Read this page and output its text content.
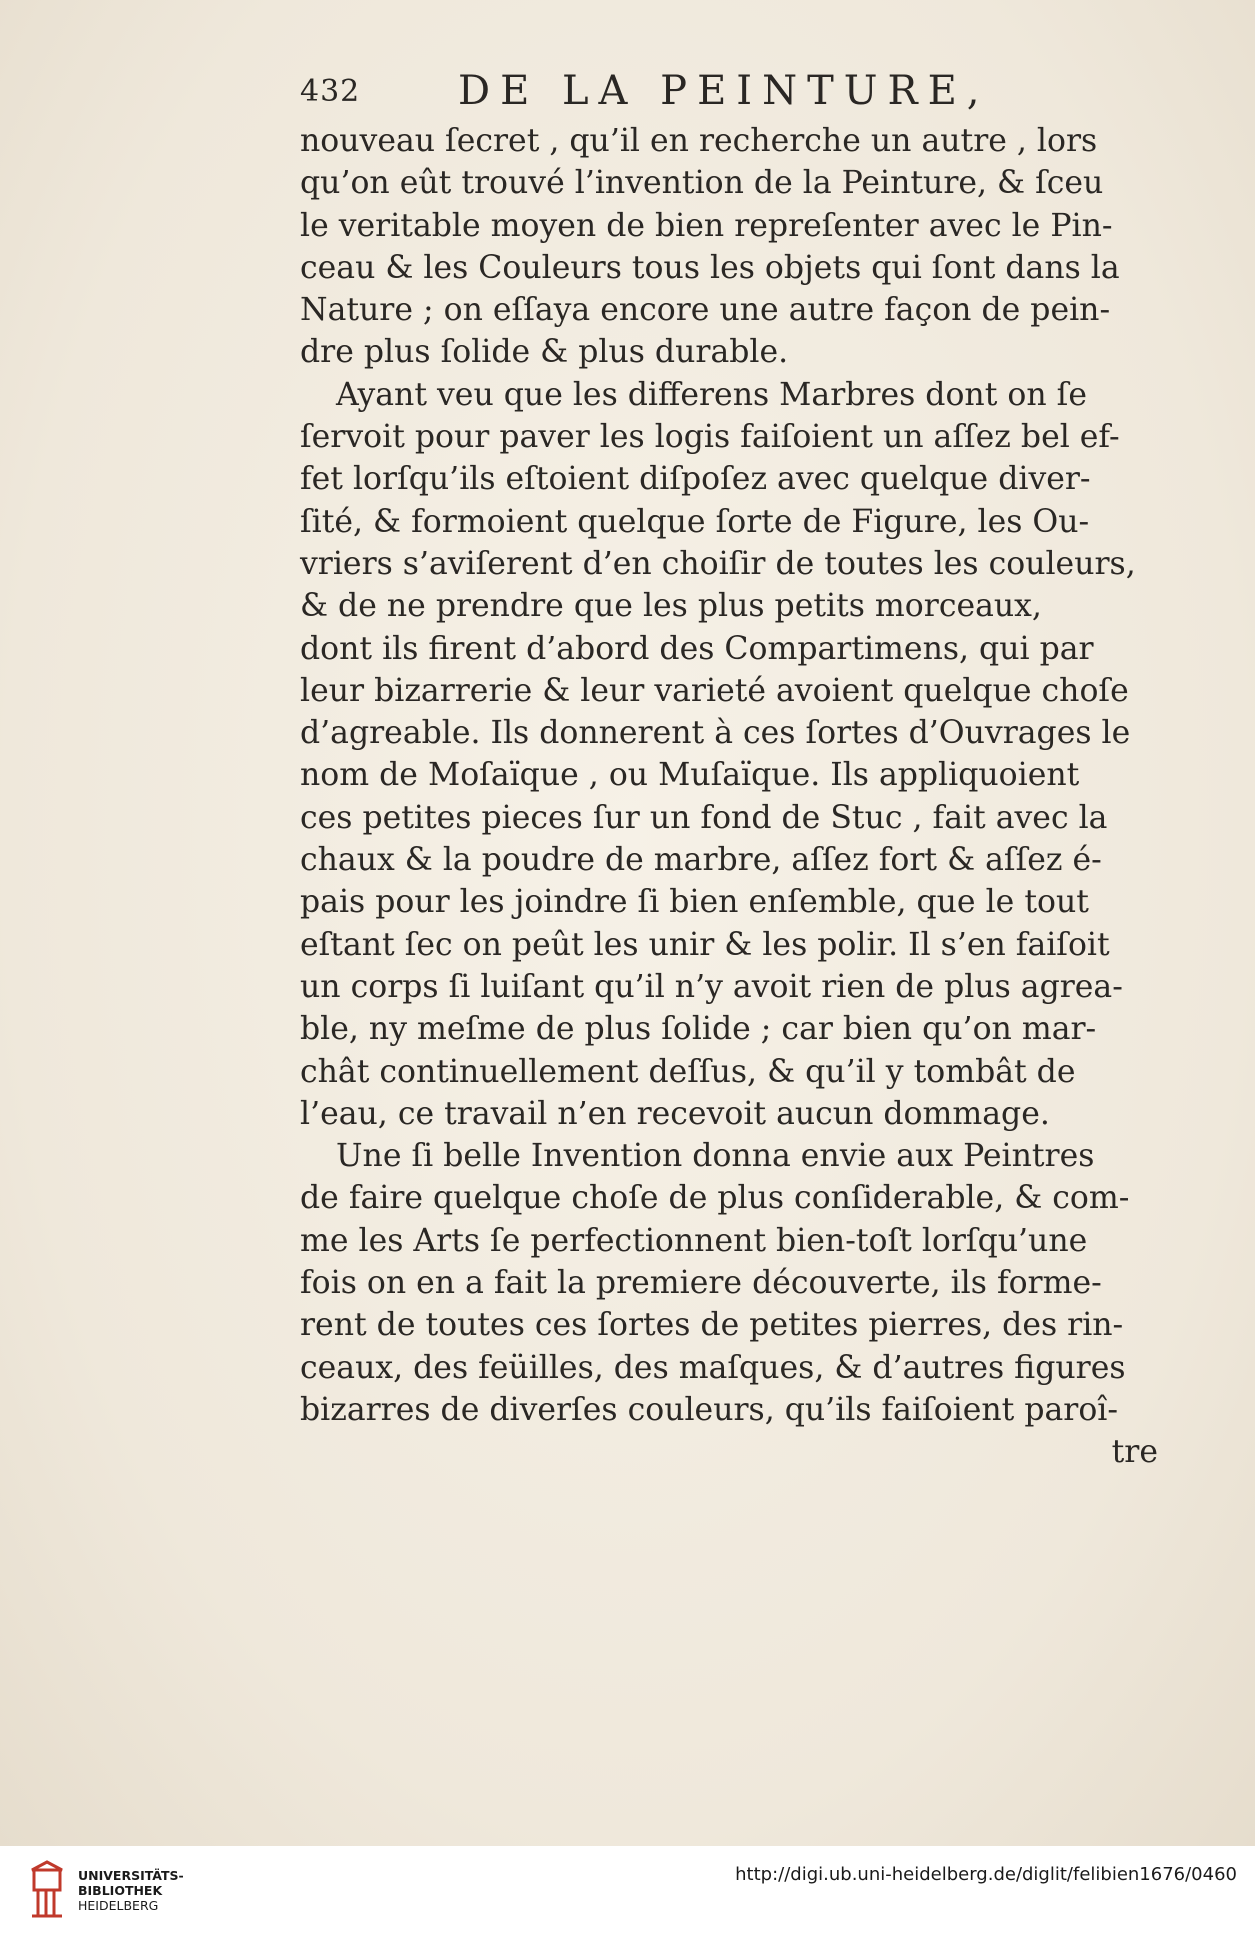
432 DE LA PEINTURE,
nouveau ſecret , qu’il en recherche un autre , lors
qu’on eût trouvé l’invention de la Peinture, & ſceu
le veritable moyen de bien repreſenter avec le Pin-
ceau & les Couleurs tous les objets qui ſont dans la
Nature ; on eſſaya encore une autre façon de pein-
dre plus ſolide & plus durable.
Ayant veu que les differens Marbres dont on ſe
ſervoit pour paver les logis faiſoient un aſſez bel ef-
fet lorſqu’ils eſtoient diſpoſez avec quelque diver-
ſité, & formoient quelque ſorte de Figure, les Ou-
vriers s’aviſerent d’en choiſir de toutes les couleurs,
& de ne prendre que les plus petits morceaux,
dont ils firent d’abord des Compartimens, qui par
leur bizarrerie & leur varieté avoient quelque choſe
d’agreable. Ils donnerent à ces ſortes d’Ouvrages le
nom de Moſaïque , ou Muſaïque. Ils appliquoient
ces petites pieces ſur un fond de Stuc , fait avec la
chaux & la poudre de marbre, aſſez fort & aſſez é-
pais pour les joindre ſi bien enſemble, que le tout
eſtant ſec on peût les unir & les polir. Il s’en faiſoit
un corps ſi luiſant qu’il n’y avoit rien de plus agrea-
ble, ny meſme de plus ſolide ; car bien qu’on mar-
chât continuellement deſſus, & qu’il y tombât de
l’eau, ce travail n’en recevoit aucun dommage.
Une ſi belle Invention donna envie aux Peintres
de faire quelque choſe de plus conſiderable, & com-
me les Arts ſe perfectionnent bien-toſt lorſqu’une
fois on en a fait la premiere découverte, ils forme-
rent de toutes ces ſortes de petites pierres, des rin-
ceaux, des feüilles, des maſques, & d’autres figures
bizarres de diverſes couleurs, qu’ils faiſoient paroî-
tre
UNIVERSITÄTS-
BIBLIOTHEK
HEIDELBERG
http://digi.ub.uni-heidelberg.de/diglit/felibien1676/0460
